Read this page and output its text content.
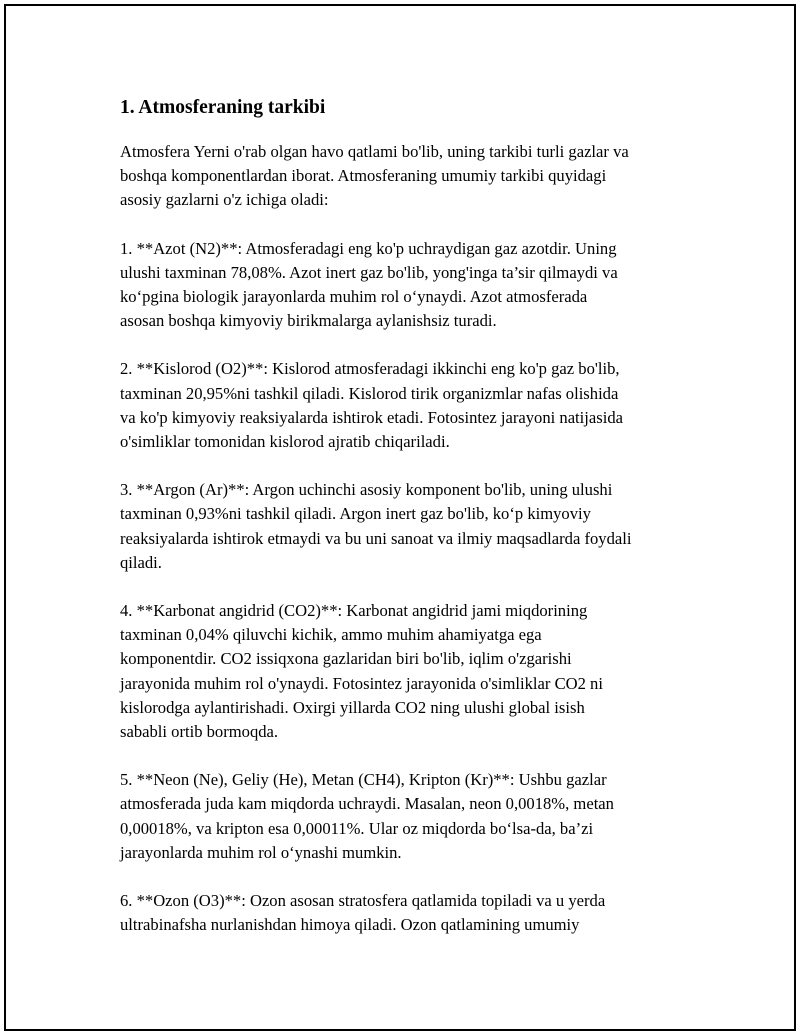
1. Atmosferaning tarkibi
Atmosfera Yerni o'rab olgan havo qatlami bo'lib, uning tarkibi turli gazlar va
boshqa komponentlardan iborat. Atmosferaning umumiy tarkibi quyidagi
asosiy gazlarni o'z ichiga oladi:
1. **Azot (N2)**: Atmosferadagi eng ko'p uchraydigan gaz azotdir. Uning
ulushi taxminan 78,08%. Azot inert gaz bo'lib, yong'inga ta’sir qilmaydi va
ko‘pgina biologik jarayonlarda muhim rol o‘ynaydi. Azot atmosferada
asosan boshqa kimyoviy birikmalarga aylanishsiz turadi.
2. **Kislorod (O2)**: Kislorod atmosferadagi ikkinchi eng ko'p gaz bo'lib,
taxminan 20,95%ni tashkil qiladi. Kislorod tirik organizmlar nafas olishida
va ko'p kimyoviy reaksiyalarda ishtirok etadi. Fotosintez jarayoni natijasida
o'simliklar tomonidan kislorod ajratib chiqariladi.
3. **Argon (Ar)**: Argon uchinchi asosiy komponent bo'lib, uning ulushi
taxminan 0,93%ni tashkil qiladi. Argon inert gaz bo'lib, ko‘p kimyoviy
reaksiyalarda ishtirok etmaydi va bu uni sanoat va ilmiy maqsadlarda foydali
qiladi.
4. **Karbonat angidrid (CO2)**: Karbonat angidrid jami miqdorining
taxminan 0,04% qiluvchi kichik, ammo muhim ahamiyatga ega
komponentdir. CO2 issiqxona gazlaridan biri bo'lib, iqlim o'zgarishi
jarayonida muhim rol o'ynaydi. Fotosintez jarayonida o'simliklar CO2 ni
kislorodga aylantirishadi. Oxirgi yillarda CO2 ning ulushi global isish
sababli ortib bormoqda.
5. **Neon (Ne), Geliy (He), Metan (CH4), Kripton (Kr)**: Ushbu gazlar
atmosferada juda kam miqdorda uchraydi. Masalan, neon 0,0018%, metan
0,00018%, va kripton esa 0,00011%. Ular oz miqdorda bo‘lsa-da, ba’zi
jarayonlarda muhim rol o‘ynashi mumkin.
6. **Ozon (O3)**: Ozon asosan stratosfera qatlamida topiladi va u yerda
ultrabinafsha nurlanishdan himoya qiladi. Ozon qatlamining umumiy
